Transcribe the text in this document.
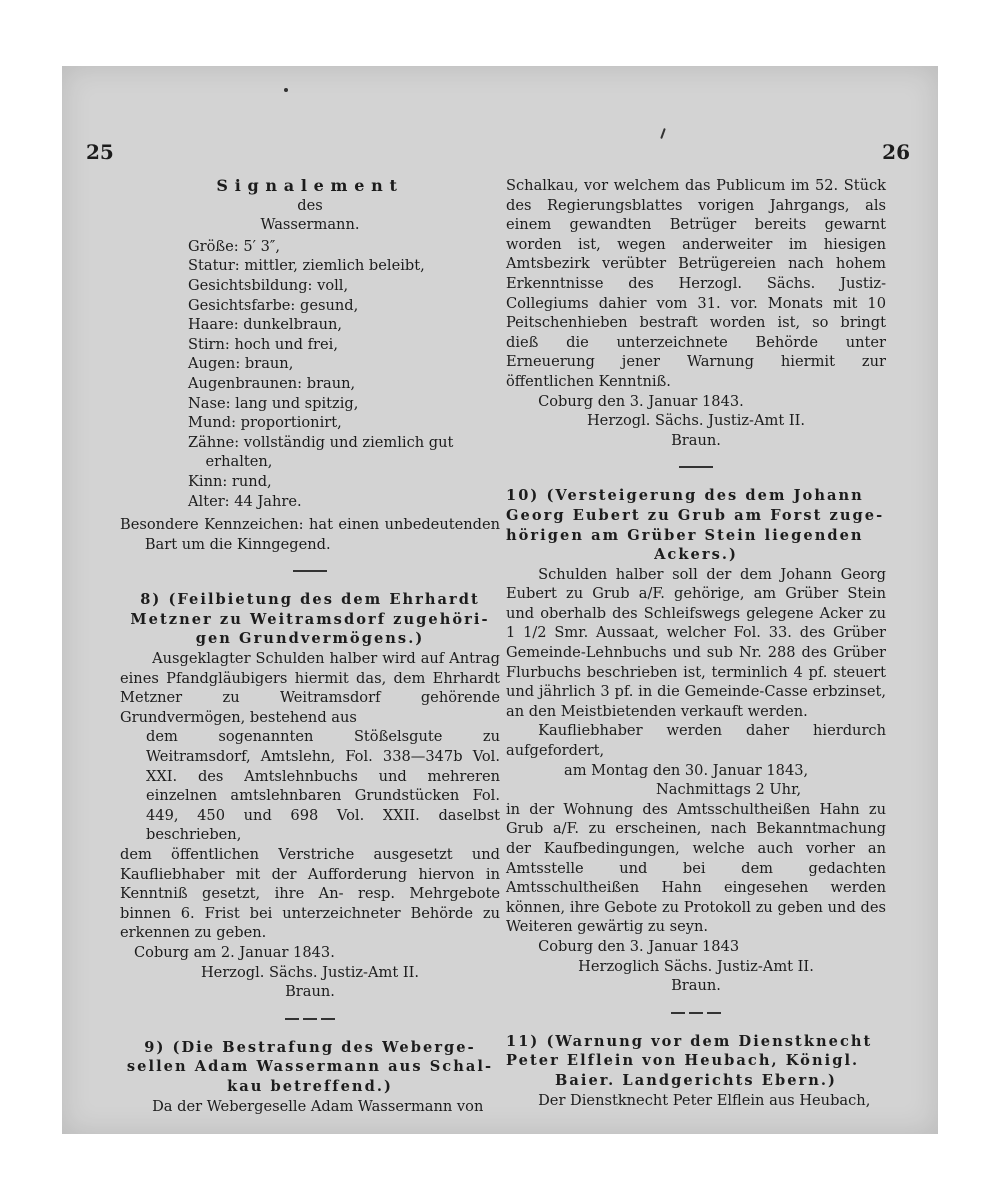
25	26

Signalement

des

Wassermann.

Größe: 5′ 3″,
Statur: mittler, ziemlich beleibt,
Gesichtsbildung: voll,
Gesichtsfarbe: gesund,
Haare: dunkelbraun,
Stirn: hoch und frei,
Augen: braun,
Augenbraunen: braun,
Nase: lang und spitzig,
Mund: proportionirt,
Zähne: vollständig und ziemlich gut erhalten,
Kinn: rund,
Alter: 44 Jahre.

Besondere Kennzeichen: hat einen unbedeutenden Bart um die Kinngegend.

8) (Feilbietung des dem Ehrhardt

Metzner zu Weitramsdorf zugehöri-

gen Grundvermögens.)

Ausgeklagter Schulden halber wird auf Antrag eines Pfandgläubigers hiermit das, dem Ehrhardt Metzner zu Weitramsdorf gehörende Grundvermögen, bestehend aus

dem sogenannten Stößelsgute zu Weitramsdorf, Amtslehn, Fol. 338—347b Vol. XXI. des Amtslehnbuchs und mehreren einzelnen amtslehnbaren Grundstücken Fol. 449, 450 und 698 Vol. XXII. daselbst beschrieben,

dem öffentlichen Verstriche ausgesetzt und Kaufliebhaber mit der Aufforderung hiervon in Kenntniß gesetzt, ihre An- resp. Mehrgebote binnen 6. Frist bei unterzeichneter Behörde zu erkennen zu geben.

Coburg am 2. Januar 1843.

Herzogl. Sächs. Justiz-Amt II.

Braun.

9) (Die Bestrafung des Weberge-

sellen Adam Wassermann aus Schal-

kau betreffend.)

Da der Webergeselle Adam Wassermann von

Schalkau, vor welchem das Publicum im 52. Stück des Regierungsblattes vorigen Jahrgangs, als einem gewandten Betrüger bereits gewarnt worden ist, wegen anderweiter im hiesigen Amtsbezirk verübter Betrügereien nach hohem Erkenntnisse des Herzogl. Sächs. Justiz-Collegiums dahier vom 31. vor. Monats mit 10 Peitschenhieben bestraft worden ist, so bringt dieß die unterzeichnete Behörde unter Erneuerung jener Warnung hiermit zur öffentlichen Kenntniß.

Coburg den 3. Januar 1843.

Herzogl. Sächs. Justiz-Amt II.

Braun.

10) (Versteigerung des dem Johann

Georg Eubert zu Grub am Forst zuge-

hörigen am Grüber Stein liegenden

Ackers.)

Schulden halber soll der dem Johann Georg Eubert zu Grub a/F. gehörige, am Grüber Stein und oberhalb des Schleifswegs gelegene Acker zu 1 1/2 Smr. Aussaat, welcher Fol. 33. des Grüber Gemeinde-Lehnbuchs und sub Nr. 288 des Grüber Flurbuchs beschrieben ist, terminlich 4 pf. steuert und jährlich 3 pf. in die Gemeinde-Casse erbzinset, an den Meistbietenden verkauft werden.

Kaufliebhaber werden daher hierdurch aufgefordert,

am Montag den 30. Januar 1843,

Nachmittags 2 Uhr,

in der Wohnung des Amtsschultheißen Hahn zu Grub a/F. zu erscheinen, nach Bekanntmachung der Kaufbedingungen, welche auch vorher an Amtsstelle und bei dem gedachten Amtsschultheißen Hahn eingesehen werden können, ihre Gebote zu Protokoll zu geben und des Weiteren gewärtig zu seyn.

Coburg den 3. Januar 1843

Herzoglich Sächs. Justiz-Amt II.

Braun.

11) (Warnung vor dem Dienstknecht

Peter Elflein von Heubach, Königl.

Baier. Landgerichts Ebern.)

Der Dienstknecht Peter Elflein aus Heubach,
